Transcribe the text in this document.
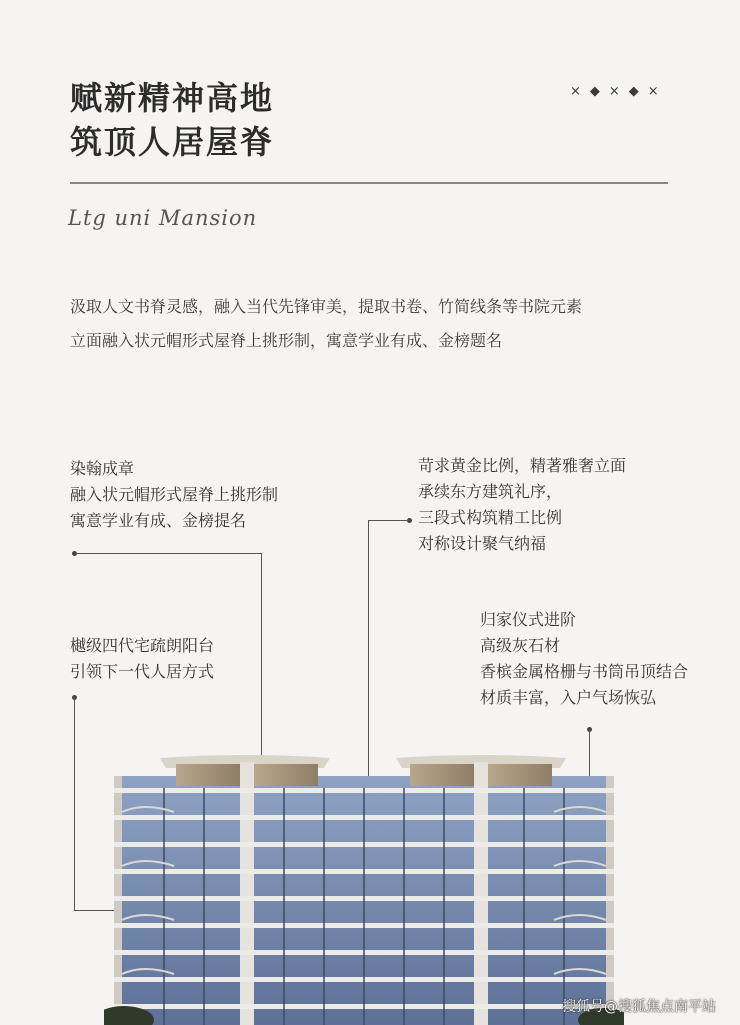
赋新精神高地
筑顶人居屋脊
×◆×◆×
Ltg uni Mansion
汲取人文书脊灵感，融入当代先锋审美，提取书卷、竹简线条等书院元素
立面融入状元帽形式屋脊上挑形制，寓意学业有成、金榜题名
染翰成章
融入状元帽形式屋脊上挑形制
寓意学业有成、金榜提名
苛求黄金比例，精著雅奢立面
承续东方建筑礼序，
三段式构筑精工比例
对称设计聚气纳福
樾级四代宅疏朗阳台
引领下一代人居方式
归家仪式进阶
高级灰石材
香槟金属格栅与书筒吊顶结合
材质丰富，入户气场恢弘
搜狐号@搜狐焦点南平站
